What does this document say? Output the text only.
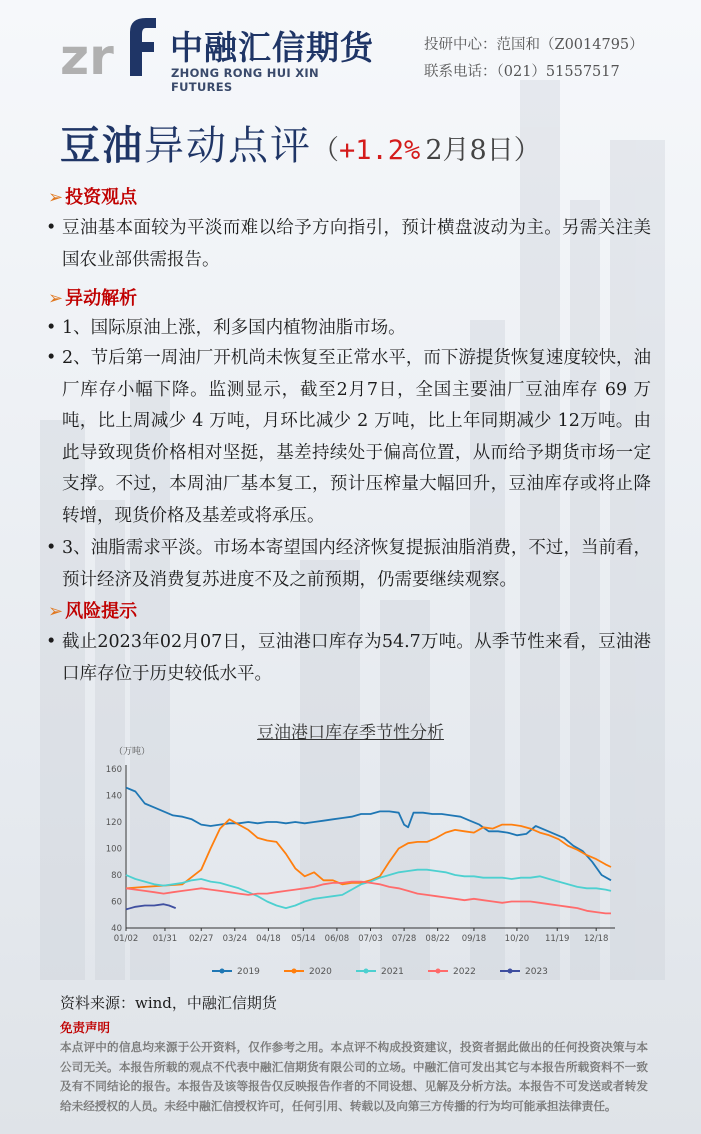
zr 中融汇信期货
ZHONG RONG HUI XIN FUTURES
投研中心：范国和（Z0014795）
联系电话：（021）51557517
豆油异动点评（+1.2% 2月8日）
➢ 投资观点
• 豆油基本面较为平淡而难以给予方向指引，预计横盘波动为主。另需关注美国农业部供需报告。
➢ 异动解析
• 1、国际原油上涨，利多国内植物油脂市场。
• 2、节后第一周油厂开机尚未恢复至正常水平，而下游提货恢复速度较快，油厂库存小幅下降。监测显示，截至2月7日，全国主要油厂豆油库存 69 万吨，比上周减少 4 万吨，月环比减少 2 万吨，比上年同期减少 12万吨。由此导致现货价格相对坚挺，基差持续处于偏高位置，从而给予期货市场一定支撑。不过，本周油厂基本复工，预计压榨量大幅回升，豆油库存或将止降转增，现货价格及基差或将承压。
• 3、油脂需求平淡。市场本寄望国内经济恢复提振油脂消费，不过，当前看，预计经济及消费复苏进度不及之前预期，仍需要继续观察。
➢ 风险提示
• 截止2023年02月07日，豆油港口库存为54.7万吨。从季节性来看，豆油港口库存位于历史较低水平。
豆油港口库存季节性分析
（万吨）
40
60
80
100
120
140
160
01/02 01/31 02/27 03/24 04/18 05/14 06/08 07/03 07/28 08/22 09/18 10/20 11/19 12/18
2019	2020	2021	2022	2023
资料来源：wind，中融汇信期货
免责声明
本点评中的信息均来源于公开资料，仅作参考之用。本点评不构成投资建议，投资者据此做出的任何投资决策与本公司无关。本报告所载的观点不代表中融汇信期货有限公司的立场。中融汇信可发出其它与本报告所载资料不一致及有不同结论的报告。本报告及该等报告仅反映报告作者的不同设想、见解及分析方法。本报告不可发送或者转发给未经授权的人员。未经中融汇信授权许可，任何引用、转载以及向第三方传播的行为均可能承担法律责任。
